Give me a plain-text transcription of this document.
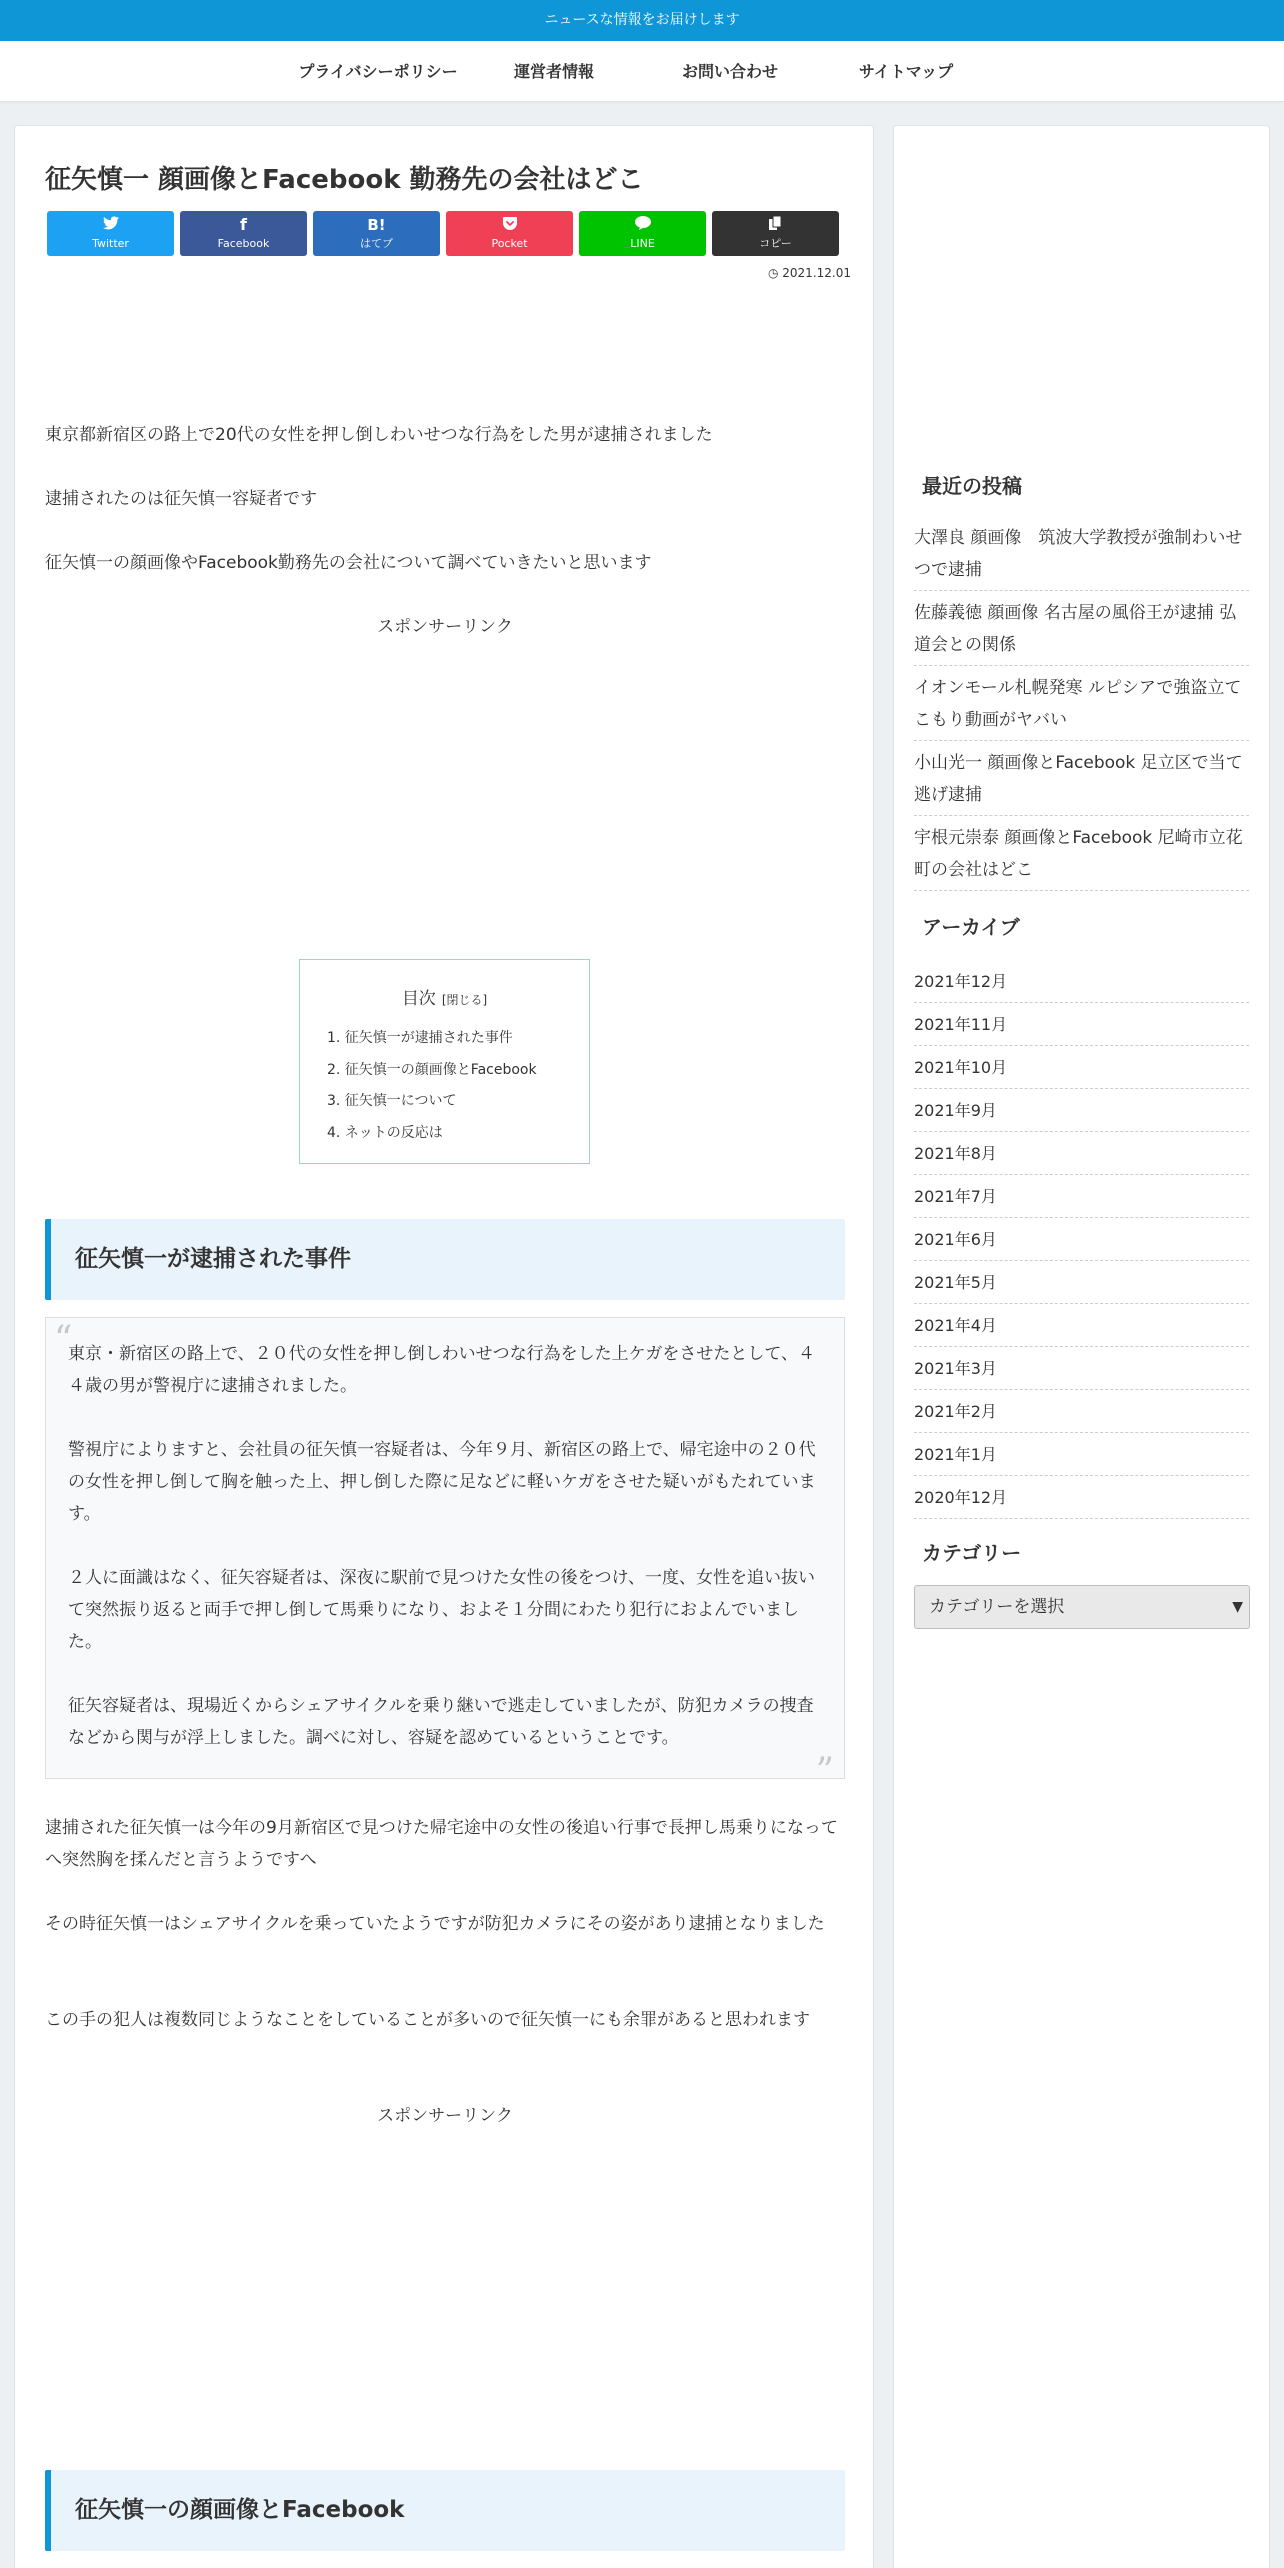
ニュースな情報をお届けします
プライバシーポリシー	運営者情報	お問い合わせ	サイトマップ
征矢慎一 顔画像とFacebook 勤務先の会社はどこ
Twitter
f
Facebook
B!
はてブ	Pocket	LINE	コピー
◷ 2021.12.01

東京都新宿区の路上で20代の女性を押し倒しわいせつな行為をした男が逮捕されました

逮捕されたのは征矢慎一容疑者です

征矢慎一の顔画像やFacebook勤務先の会社について調べていきたいと思います

スポンサーリンク

目次 [閉じる]
1. 征矢慎一が逮捕された事件
2. 征矢慎一の顔画像とFacebook
3. 征矢慎一について
4. ネットの反応は
征矢慎一が逮捕された事件
“

東京・新宿区の路上で、２０代の女性を押し倒しわいせつな行為をした上ケガをさせたとして、４４歳の男が警視庁に逮捕されました。

警視庁によりますと、会社員の征矢慎一容疑者は、今年９月、新宿区の路上で、帰宅途中の２０代の女性を押し倒して胸を触った上、押し倒した際に足などに軽いケガをさせた疑いがもたれています。

２人に面識はなく、征矢容疑者は、深夜に駅前で見つけた女性の後をつけ、一度、女性を追い抜いて突然振り返ると両手で押し倒して馬乗りになり、およそ１分間にわたり犯行におよんでいました。

征矢容疑者は、現場近くからシェアサイクルを乗り継いで逃走していましたが、防犯カメラの捜査などから関与が浮上しました。調べに対し、容疑を認めているということです。

”

逮捕された征矢慎一は今年の9月新宿区で見つけた帰宅途中の女性の後追い行事で長押し馬乗りになってへ突然胸を揉んだと言うようですへ

その時征矢慎一はシェアサイクルを乗っていたようですが防犯カメラにその姿があり逮捕となりました

この手の犯人は複数同じようなことをしていることが多いので征矢慎一にも余罪があると思われます

スポンサーリンク

征矢慎一の顔画像とFacebook
最近の投稿
大澤良 顔画像　筑波大学教授が強制わいせつで逮捕
佐藤義徳 顔画像 名古屋の風俗王が逮捕 弘道会との関係
イオンモール札幌発寒 ルピシアで強盗立てこもり動画がヤバい
小山光一 顔画像とFacebook 足立区で当て逃げ逮捕
宇根元崇泰 顔画像とFacebook 尼崎市立花町の会社はどこ
アーカイブ
2021年12月
2021年11月
2021年10月
2021年9月
2021年8月
2021年7月
2021年6月
2021年5月
2021年4月
2021年3月
2021年2月
2021年1月
2020年12月
カテゴリー
カテゴリーを選択	▼
